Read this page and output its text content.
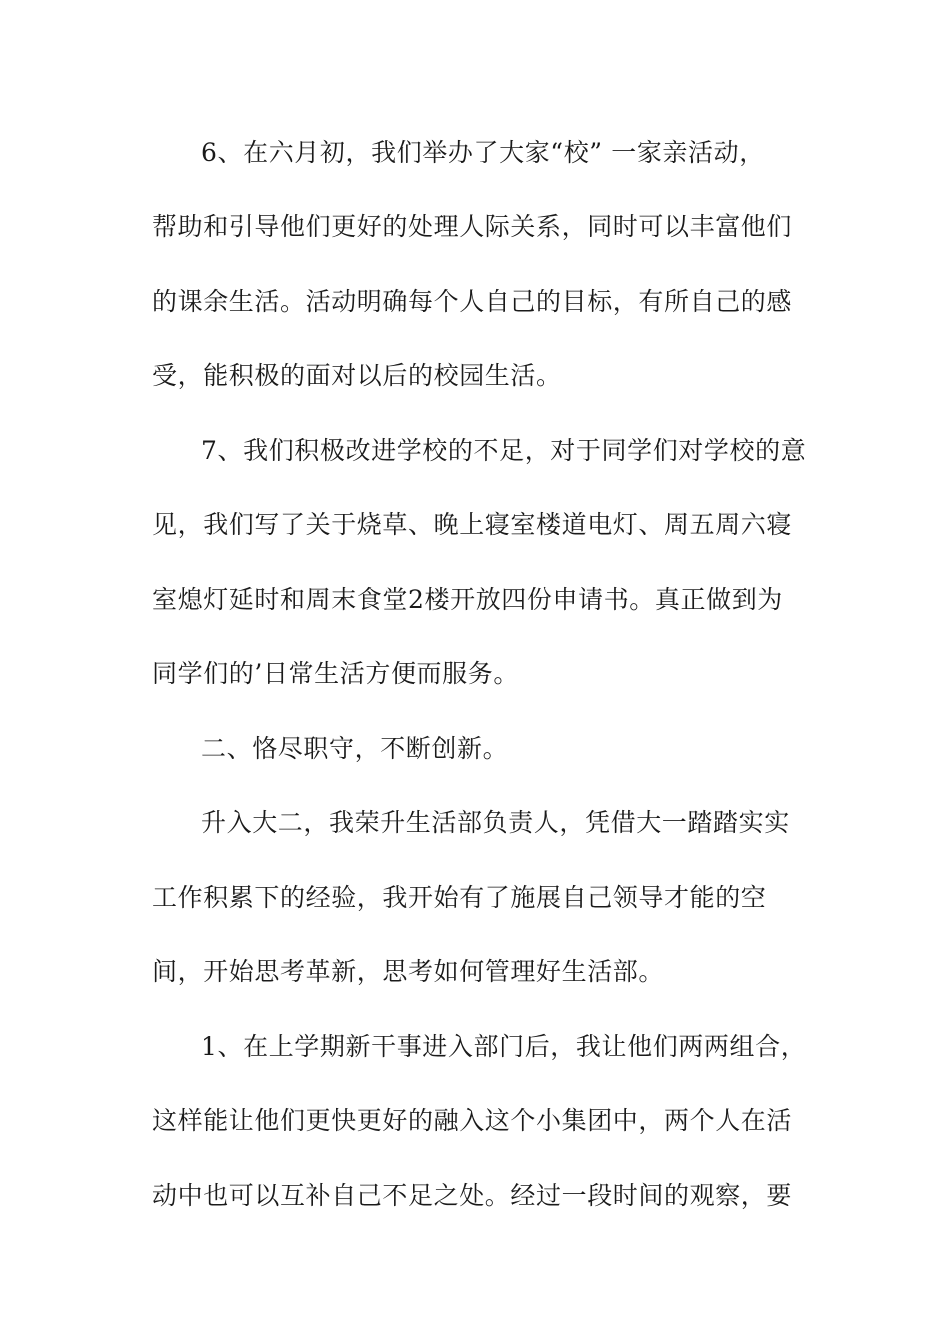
6、在六月初，我们举办了大家“校” 一家亲活动，
帮助和引导他们更好的处理人际关系，同时可以丰富他们
的课余生活。活动明确每个人自己的目标，有所自己的感
受，能积极的面对以后的校园生活。
7、我们积极改进学校的不足，对于同学们对学校的意
见，我们写了关于烧草、晚上寝室楼道电灯、周五周六寝
室熄灯延时和周末食堂2楼开放四份申请书。真正做到为
同学们的’日常生活方便而服务。
二、恪尽职守，不断创新。
升入大二，我荣升生活部负责人，凭借大一踏踏实实
工作积累下的经验，我开始有了施展自己领导才能的空
间，开始思考革新，思考如何管理好生活部。
1、在上学期新干事进入部门后，我让他们两两组合，
这样能让他们更快更好的融入这个小集团中，两个人在活
动中也可以互补自己不足之处。经过一段时间的观察，要
